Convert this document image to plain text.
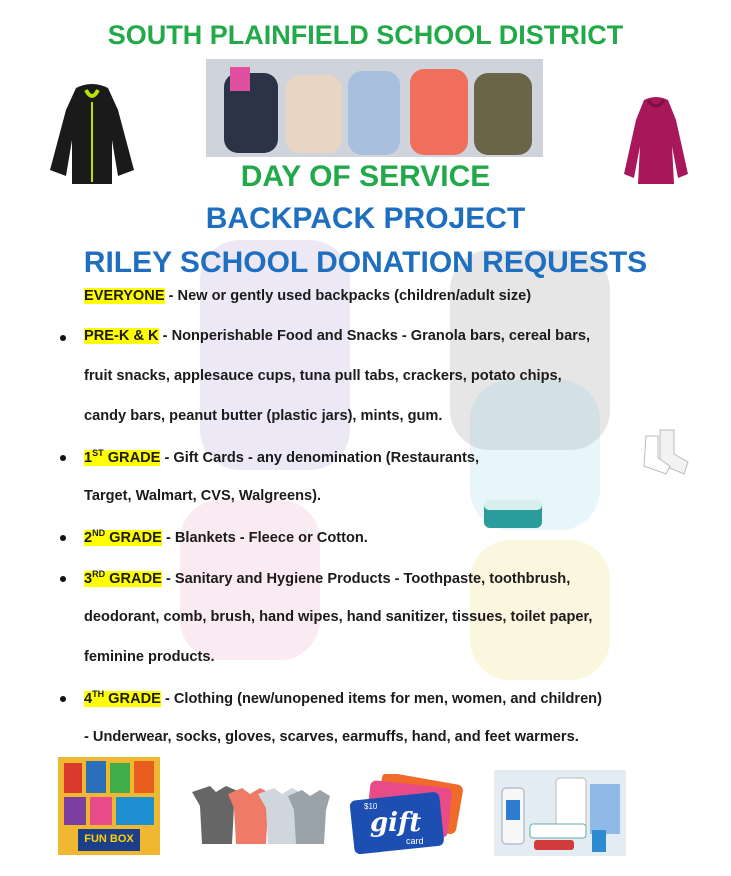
SOUTH PLAINFIELD SCHOOL DISTRICT
DAY OF SERVICE
BACKPACK PROJECT
RILEY SCHOOL DONATION REQUESTS
EVERYONE - New or gently used backpacks (children/adult size)
PRE-K & K - Nonperishable Food and Snacks - Granola bars, cereal bars,
fruit snacks, applesauce cups, tuna pull tabs, crackers, potato chips,
candy bars, peanut butter (plastic jars), mints, gum.
1ST GRADE - Gift Cards - any denomination (Restaurants,
Target, Walmart, CVS, Walgreens).
2ND GRADE - Blankets - Fleece or Cotton.
3RD GRADE - Sanitary and Hygiene Products - Toothpaste, toothbrush,
deodorant, comb, brush, hand wipes, hand sanitizer, tissues, toilet paper,
feminine products.
4TH GRADE - Clothing (new/unopened items for men, women, and children)
- Underwear, socks, gloves, scarves, earmuffs, hand, and feet warmers.
FUN BOX
$10
gift
card
